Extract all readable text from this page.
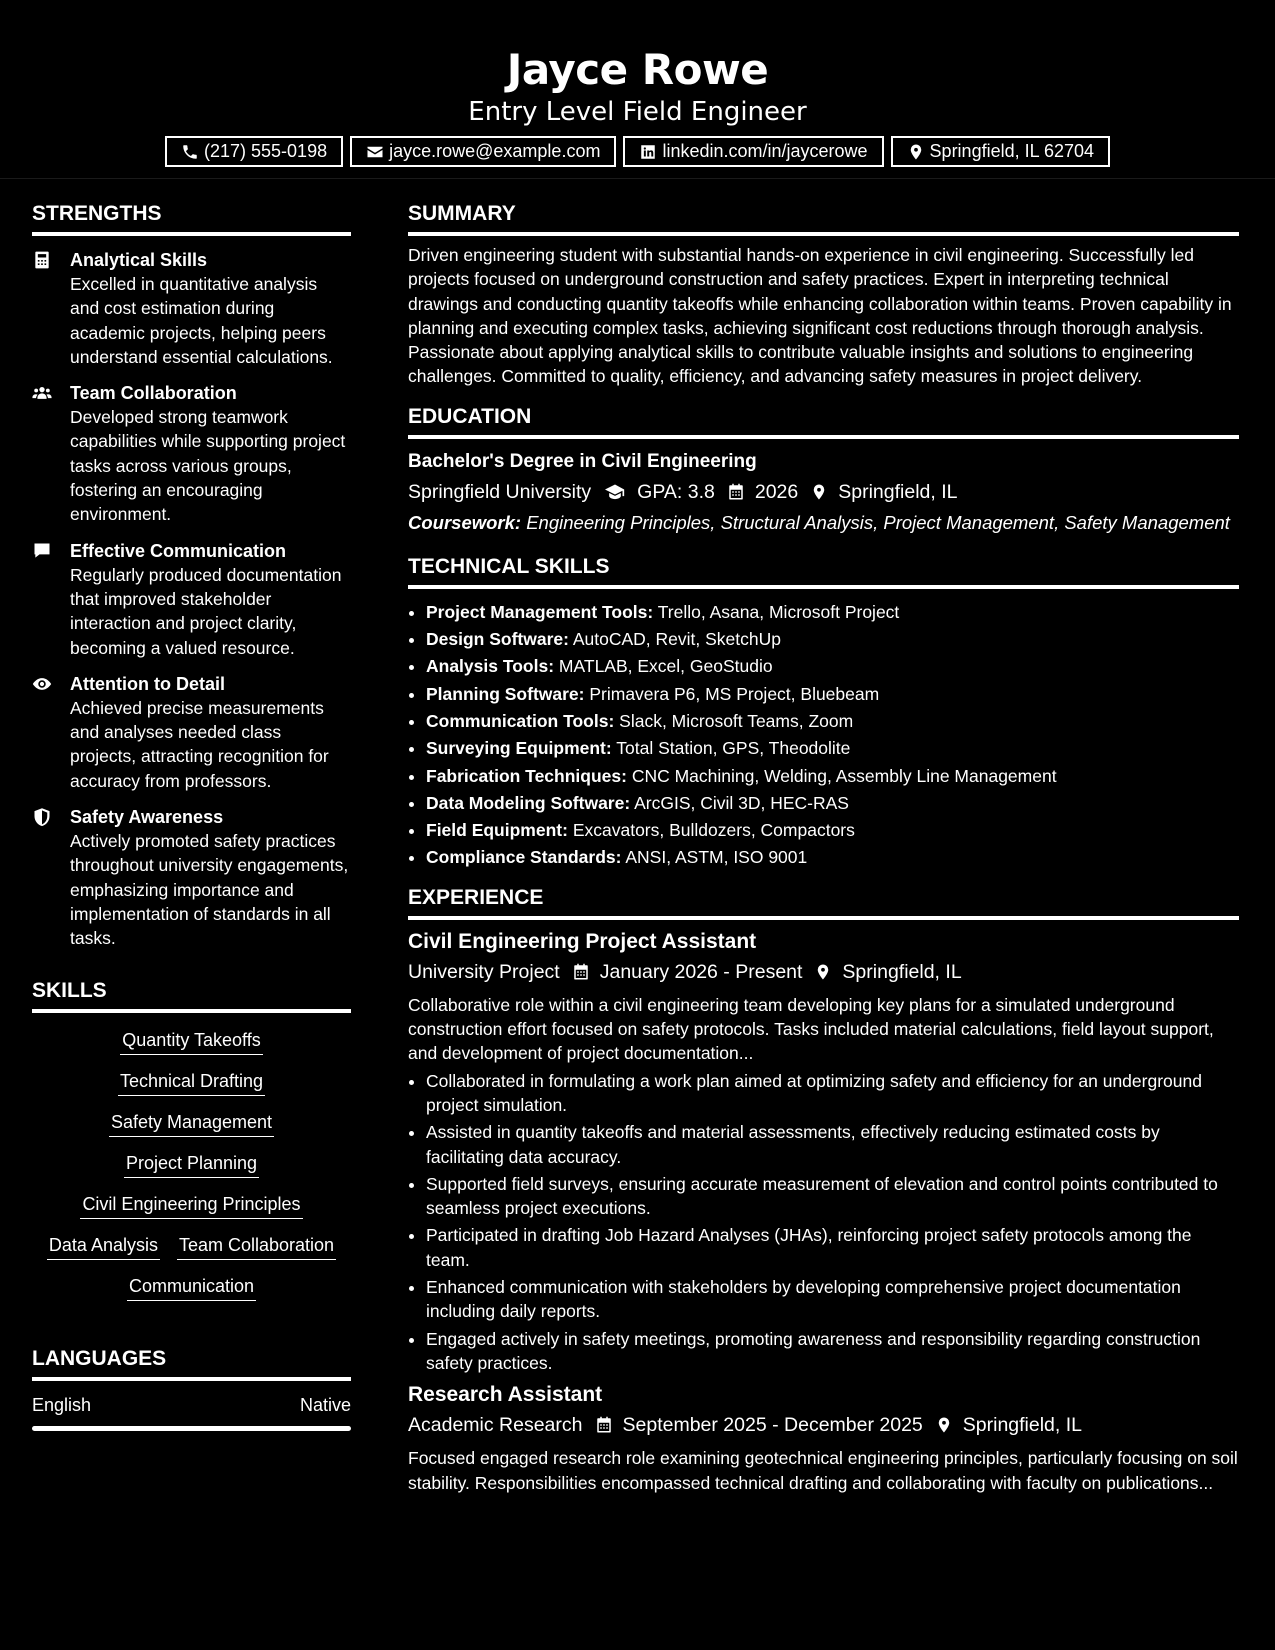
Jayce Rowe
Entry Level Field Engineer
(217) 555-0198	jayce.rowe@example.com	linkedin.com/in/jaycerowe	Springfield, IL 62704
STRENGTHS
Analytical Skills
Excelled in quantitative analysis and cost estimation during academic projects, helping peers understand essential calculations.
Team Collaboration
Developed strong teamwork capabilities while supporting project tasks across various groups, fostering an encouraging environment.
Effective Communication
Regularly produced documentation that improved stakeholder interaction and project clarity, becoming a valued resource.
Attention to Detail
Achieved precise measurements and analyses needed class projects, attracting recognition for accuracy from professors.
Safety Awareness
Actively promoted safety practices throughout university engagements, emphasizing importance and implementation of standards in all tasks.
SKILLS
Quantity Takeoffs
Technical Drafting
Safety Management
Project Planning
Civil Engineering Principles
Data Analysis Team Collaboration
Communication
LANGUAGES
English	Native
SUMMARY
Driven engineering student with substantial hands-on experience in civil engineering. Successfully led projects focused on underground construction and safety practices. Expert in interpreting technical drawings and conducting quantity takeoffs while enhancing collaboration within teams. Proven capability in planning and executing complex tasks, achieving significant cost reductions through thorough analysis. Passionate about applying analytical skills to contribute valuable insights and solutions to engineering challenges. Committed to quality, efficiency, and advancing safety measures in project delivery.
EDUCATION
Bachelor's Degree in Civil Engineering
Springfield University GPA: 3.8 2026 Springfield, IL
Coursework: Engineering Principles, Structural Analysis, Project Management, Safety Management
TECHNICAL SKILLS
• Project Management Tools: Trello, Asana, Microsoft Project
• Design Software: AutoCAD, Revit, SketchUp
• Analysis Tools: MATLAB, Excel, GeoStudio
• Planning Software: Primavera P6, MS Project, Bluebeam
• Communication Tools: Slack, Microsoft Teams, Zoom
• Surveying Equipment: Total Station, GPS, Theodolite
• Fabrication Techniques: CNC Machining, Welding, Assembly Line Management
• Data Modeling Software: ArcGIS, Civil 3D, HEC-RAS
• Field Equipment: Excavators, Bulldozers, Compactors
• Compliance Standards: ANSI, ASTM, ISO 9001
EXPERIENCE
Civil Engineering Project Assistant
University Project January 2026 - Present Springfield, IL
Collaborative role within a civil engineering team developing key plans for a simulated underground construction effort focused on safety protocols. Tasks included material calculations, field layout support, and development of project documentation...
• Collaborated in formulating a work plan aimed at optimizing safety and efficiency for an underground project simulation.
• Assisted in quantity takeoffs and material assessments, effectively reducing estimated costs by facilitating data accuracy.
• Supported field surveys, ensuring accurate measurement of elevation and control points contributed to seamless project executions.
• Participated in drafting Job Hazard Analyses (JHAs), reinforcing project safety protocols among the team.
• Enhanced communication with stakeholders by developing comprehensive project documentation including daily reports.
• Engaged actively in safety meetings, promoting awareness and responsibility regarding construction safety practices.
Research Assistant
Academic Research September 2025 - December 2025 Springfield, IL
Focused engaged research role examining geotechnical engineering principles, particularly focusing on soil stability. Responsibilities encompassed technical drafting and collaborating with faculty on publications...
